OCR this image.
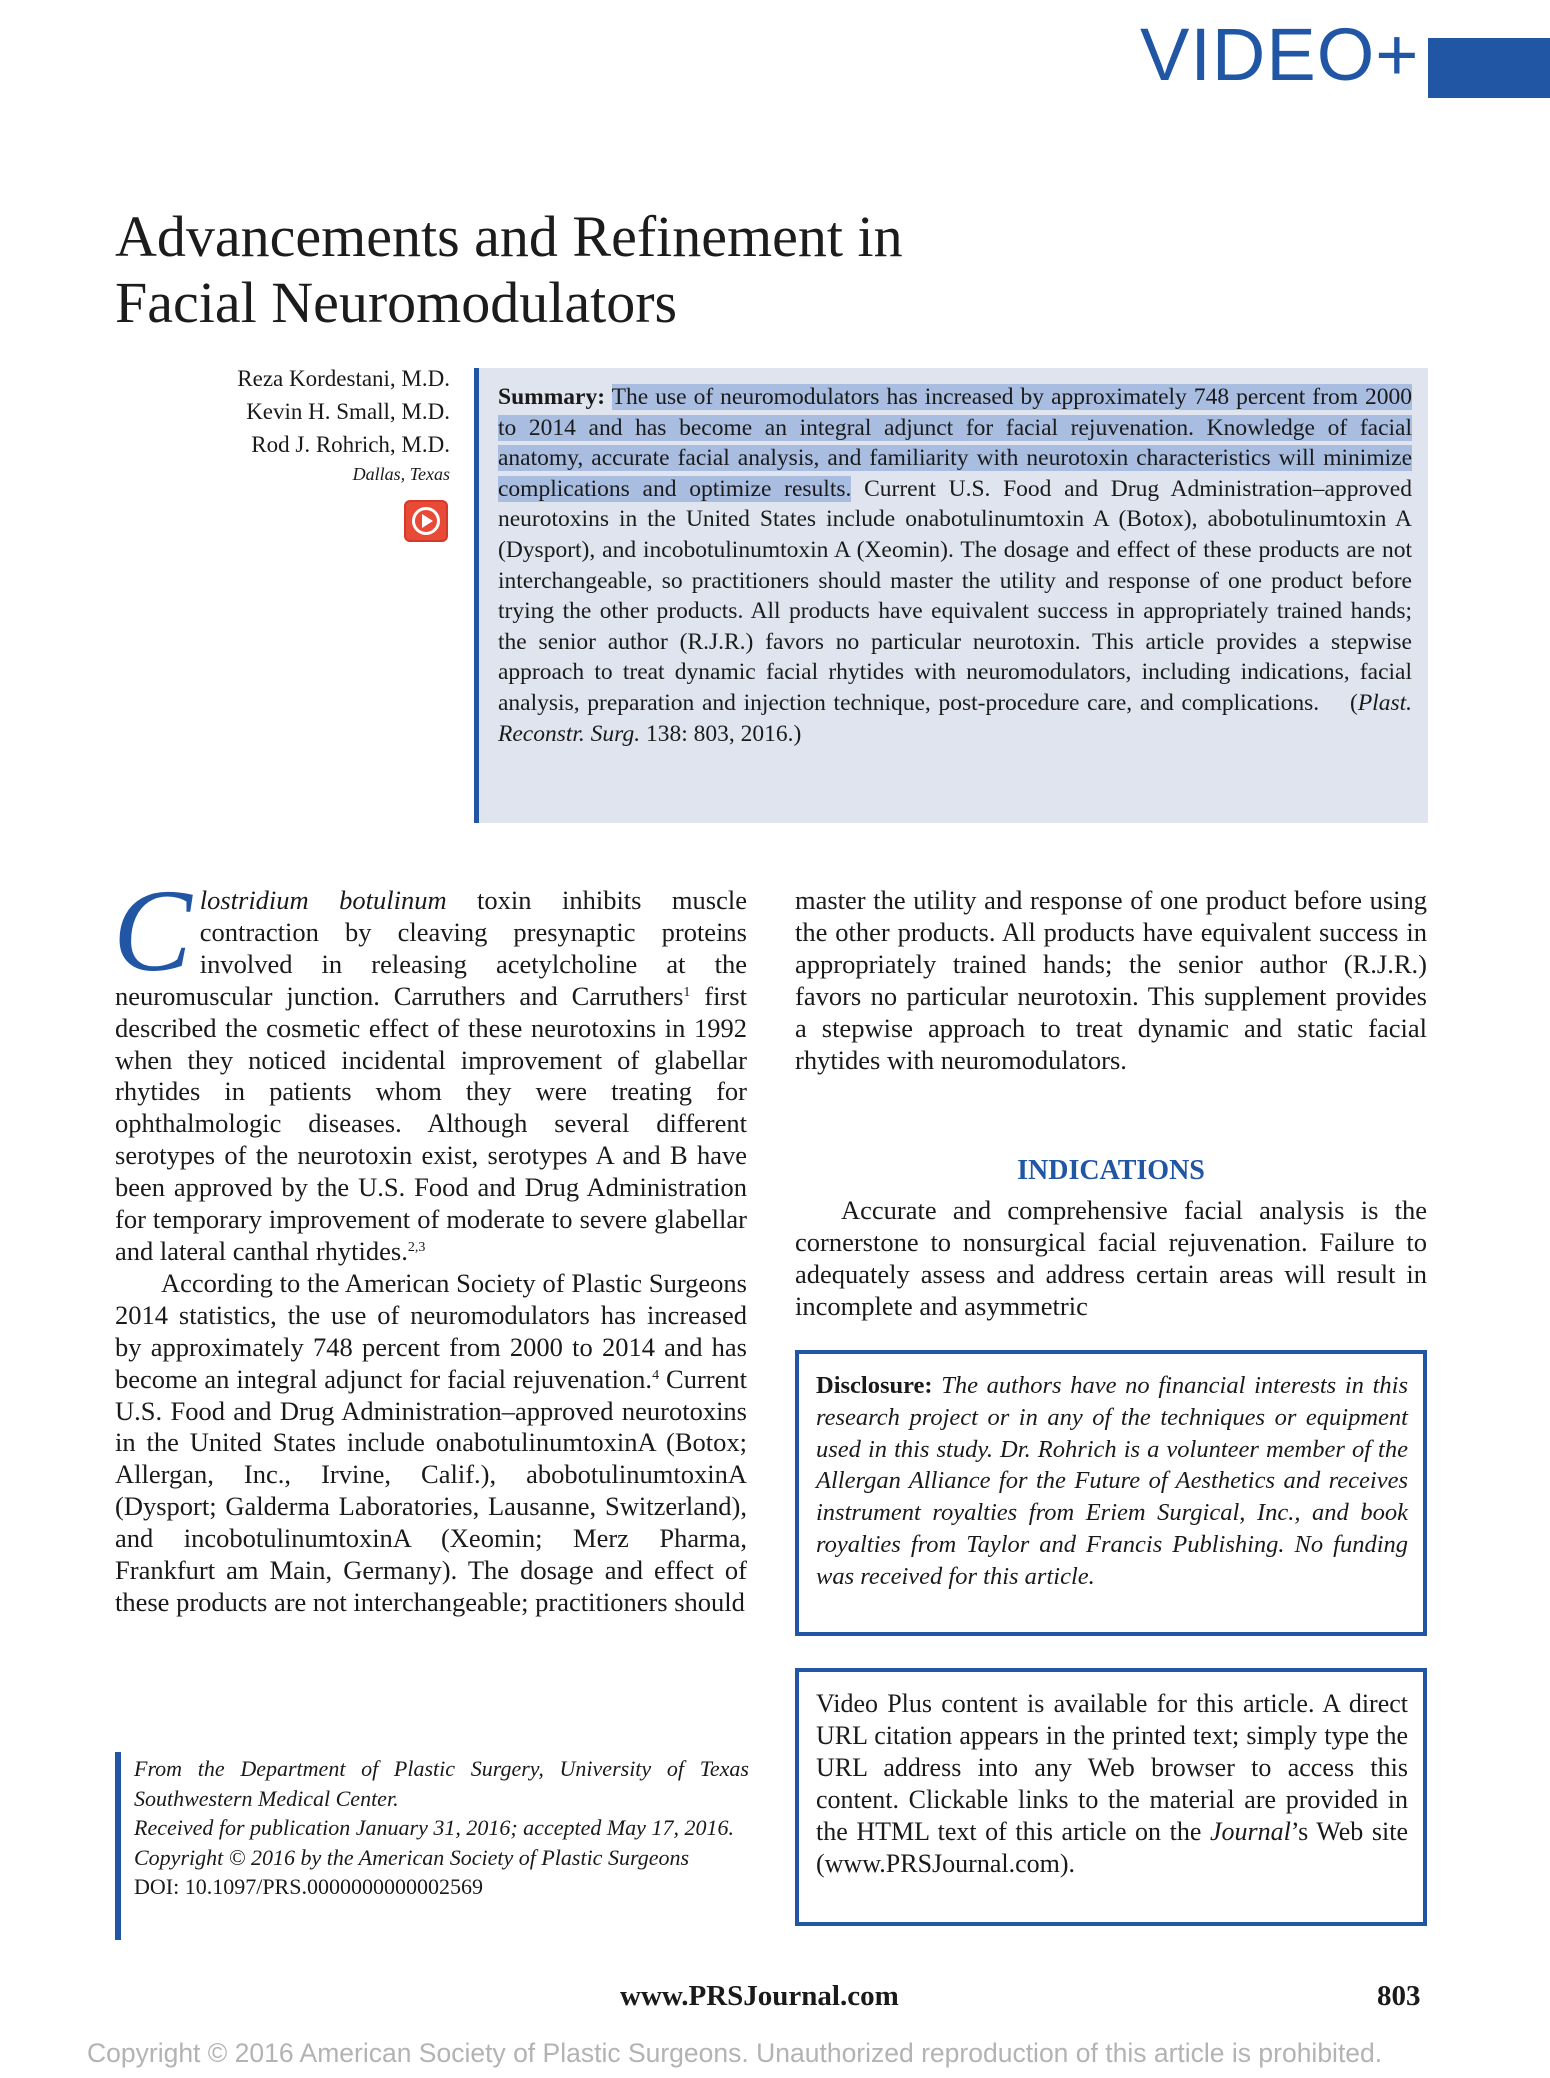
VIDEO+
Advancements and Refinement in
Facial Neuromodulators
Reza Kordestani, M.D.
Kevin H. Small, M.D.
Rod J. Rohrich, M.D.
Dallas, Texas
Summary: The use of neuromodulators has increased by approximately 748 percent from 2000 to 2014 and has become an integral adjunct for facial rejuvenation. Knowledge of facial anatomy, accurate facial analysis, and familiarity with neurotoxin characteristics will minimize complications and optimize results. Current U.S. Food and Drug Administration–approved neurotoxins in the United States include onabotulinumtoxin A (Botox), abobotulinumtoxin A (Dysport), and incobotulinumtoxin A (Xeomin). The dosage and effect of these products are not interchangeable, so practitioners should master the utility and response of one product before trying the other products. All products have equivalent success in appropriately trained hands; the senior author (R.J.R.) favors no particular neurotoxin. This article provides a stepwise approach to treat dynamic facial rhytides with neuromodulators, including indications, facial analysis, preparation and injection technique, post-procedure care, and complications. (Plast. Reconstr. Surg. 138: 803, 2016.)

Clostridium botulinum toxin inhibits muscle contraction by cleaving presynaptic proteins involved in releasing acetylcholine at the neuromuscular junction. Carruthers and Carruthers$^1$ first described the cosmetic effect of these neurotoxins in 1992 when they noticed incidental improvement of glabellar rhytides in patients whom they were treating for ophthalmologic diseases. Although several different serotypes of the neurotoxin exist, serotypes A and B have been approved by the U.S. Food and Drug Administration for temporary improvement of moderate to severe glabellar and lateral canthal rhytides.$^{2,3}$

According to the American Society of Plastic Surgeons 2014 statistics, the use of neuromodulators has increased by approximately 748 percent from 2000 to 2014 and has become an integral adjunct for facial rejuvenation.$^4$ Current U.S. Food and Drug Administration–approved neurotoxins in the United States include onabotulinumtoxinA (Botox; Allergan, Inc., Irvine, Calif.), abobotulinumtoxinA (Dysport; Galderma Laboratories, Lausanne, Switzerland), and incobotulinumtoxinA (Xeomin; Merz Pharma, Frankfurt am Main, Germany). The dosage and effect of these products are not interchangeable; practitioners should

master the utility and response of one product before using the other products. All products have equivalent success in appropriately trained hands; the senior author (R.J.R.) favors no particular neurotoxin. This supplement provides a stepwise approach to treat dynamic and static facial rhytides with neuromodulators.

INDICATIONS

Accurate and comprehensive facial analysis is the cornerstone to nonsurgical facial rejuvenation. Failure to adequately assess and address certain areas will result in incomplete and asymmetric

Disclosure: The authors have no financial interests in this research project or in any of the techniques or equipment used in this study. Dr. Rohrich is a volunteer member of the Allergan Alliance for the Future of Aesthetics and receives instrument royalties from Eriem Surgical, Inc., and book royalties from Taylor and Francis Publishing. No funding was received for this article.
Video Plus content is available for this article. A direct URL citation appears in the printed text; simply type the URL address into any Web browser to access this content. Clickable links to the material are provided in the HTML text of this article on the Journal’s Web site (www.PRSJournal.com).
From the Department of Plastic Surgery, University of Texas Southwestern Medical Center.
Received for publication January 31, 2016; accepted May 17, 2016.
Copyright © 2016 by the American Society of Plastic Surgeons
DOI: 10.1097/PRS.0000000000002569
www.PRSJournal.com	803
Copyright © 2016 American Society of Plastic Surgeons. Unauthorized reproduction of this article is prohibited.
